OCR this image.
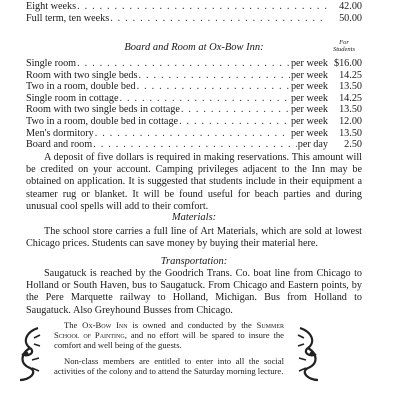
Eight weeks . . .	42.00
Full term, ten weeks . . .	50.00
Board and Room at Ox-Bow Inn:	For
Students
Single room . . .	per week $16.00
Room with two single beds . . .	per week	14.25
Two in a room, double bed . . .	per week	13.50
Single room in cottage . . .	per week	14.25
Room with two single beds in cottage . . .	per week	13.50
Two in a room, double bed in cottage . . .	per week	12.00
Men's dormitory . . .	per week	13.50
Board and room . . .	per day	2.50
A deposit of five dollars is required in making reservations. This amount will be credited on your account. Camping privileges adjacent to the Inn may be obtained on application. It is suggested that students include in their equipment a steamer rug or blanket. It will be found useful for beach parties and during unusual cool spells will add to their comfort.
Materials:
The school store carries a full line of Art Materials, which are sold at lowest Chicago prices. Students can save money by buying their material here.
Transportation:
Saugatuck is reached by the Goodrich Trans. Co. boat line from Chicago to Holland or South Haven, bus to Saugatuck. From Chicago and Eastern points, by the Pere Marquette railway to Holland, Michigan. Bus from Holland to Saugatuck. Also Greyhound Busses from Chicago.

The Ox-Bow Inn is owned and conducted by the Summer School of Painting, and no effort will be spared to insure the comfort and well being of the guests.

Non-class members are entitled to enter into all the social activities of the colony and to attend the Saturday morning lecture.
